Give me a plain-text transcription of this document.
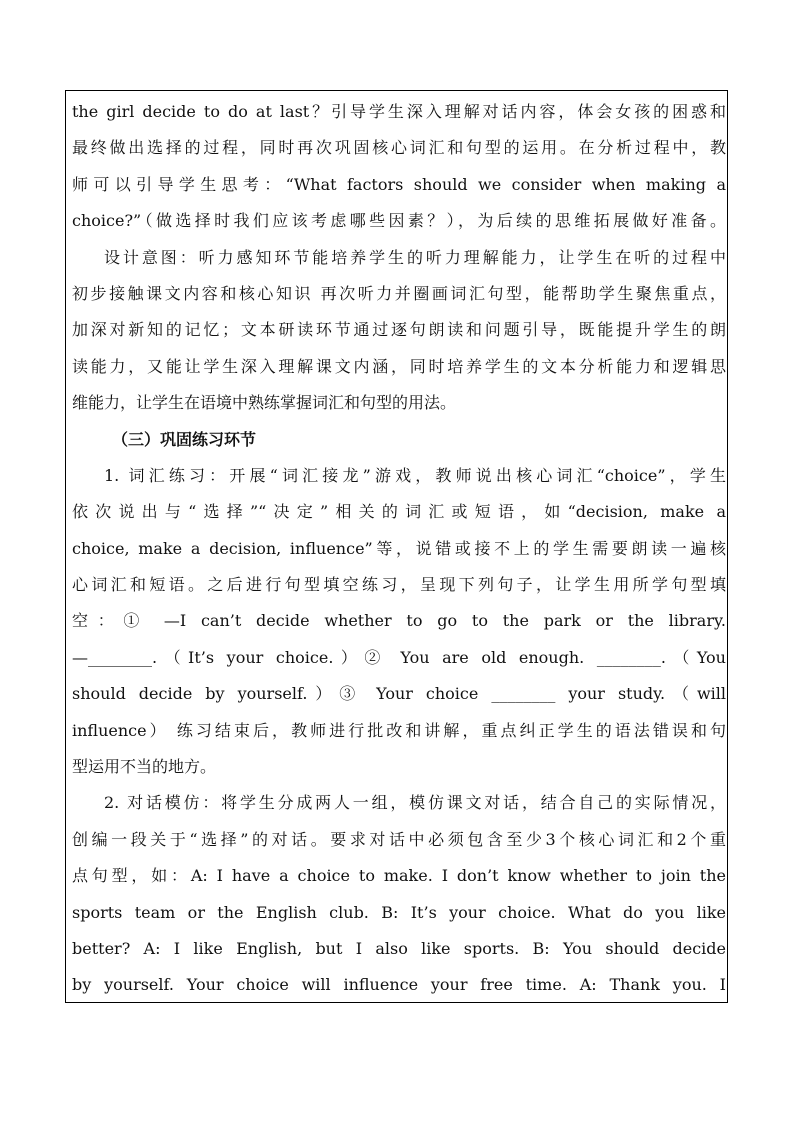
the girl decide to do at last？引导学生深入理解对话内容，体会女孩的困惑和
最终做出选择的过程，同时再次巩固核心词汇和句型的运用。在分析过程中，教
师可以引导学生思考：“What factors should we consider when making a
choice?”（做选择时我们应该考虑哪些因素？），为后续的思维拓展做好准备。
设计意图：听力感知环节能培养学生的听力理解能力，让学生在听的过程中
初步接触课文内容和核心知识 再次听力并圈画词汇句型，能帮助学生聚焦重点，
加深对新知的记忆；文本研读环节通过逐句朗读和问题引导，既能提升学生的朗
读能力，又能让学生深入理解课文内涵，同时培养学生的文本分析能力和逻辑思
维能力，让学生在语境中熟练掌握词汇和句型的用法。
（三）巩固练习环节
1. 词汇练习：开展“词汇接龙”游戏，教师说出核心词汇“choice”，学生
依次说出与“选择”“决定”相关的词汇或短语，如“decision, make a
choice, make a decision, influence”等，说错或接不上的学生需要朗读一遍核
心词汇和短语。之后进行句型填空练习，呈现下列句子，让学生用所学句型填
空：① —I can’t decide whether to go to the park or the library.
—________.（It’s your choice.）② You are old enough. ________.（You
should decide by yourself.）③ Your choice ________ your study.（will
influence） 练习结束后，教师进行批改和讲解，重点纠正学生的语法错误和句
型运用不当的地方。
2. 对话模仿：将学生分成两人一组，模仿课文对话，结合自己的实际情况，
创编一段关于“选择”的对话。要求对话中必须包含至少3个核心词汇和2个重
点句型，如：A: I have a choice to make. I don’t know whether to join the
sports team or the English club. B: It’s your choice. What do you like
better? A: I like English, but I also like sports. B: You should decide
by yourself. Your choice will influence your free time. A: Thank you. I
